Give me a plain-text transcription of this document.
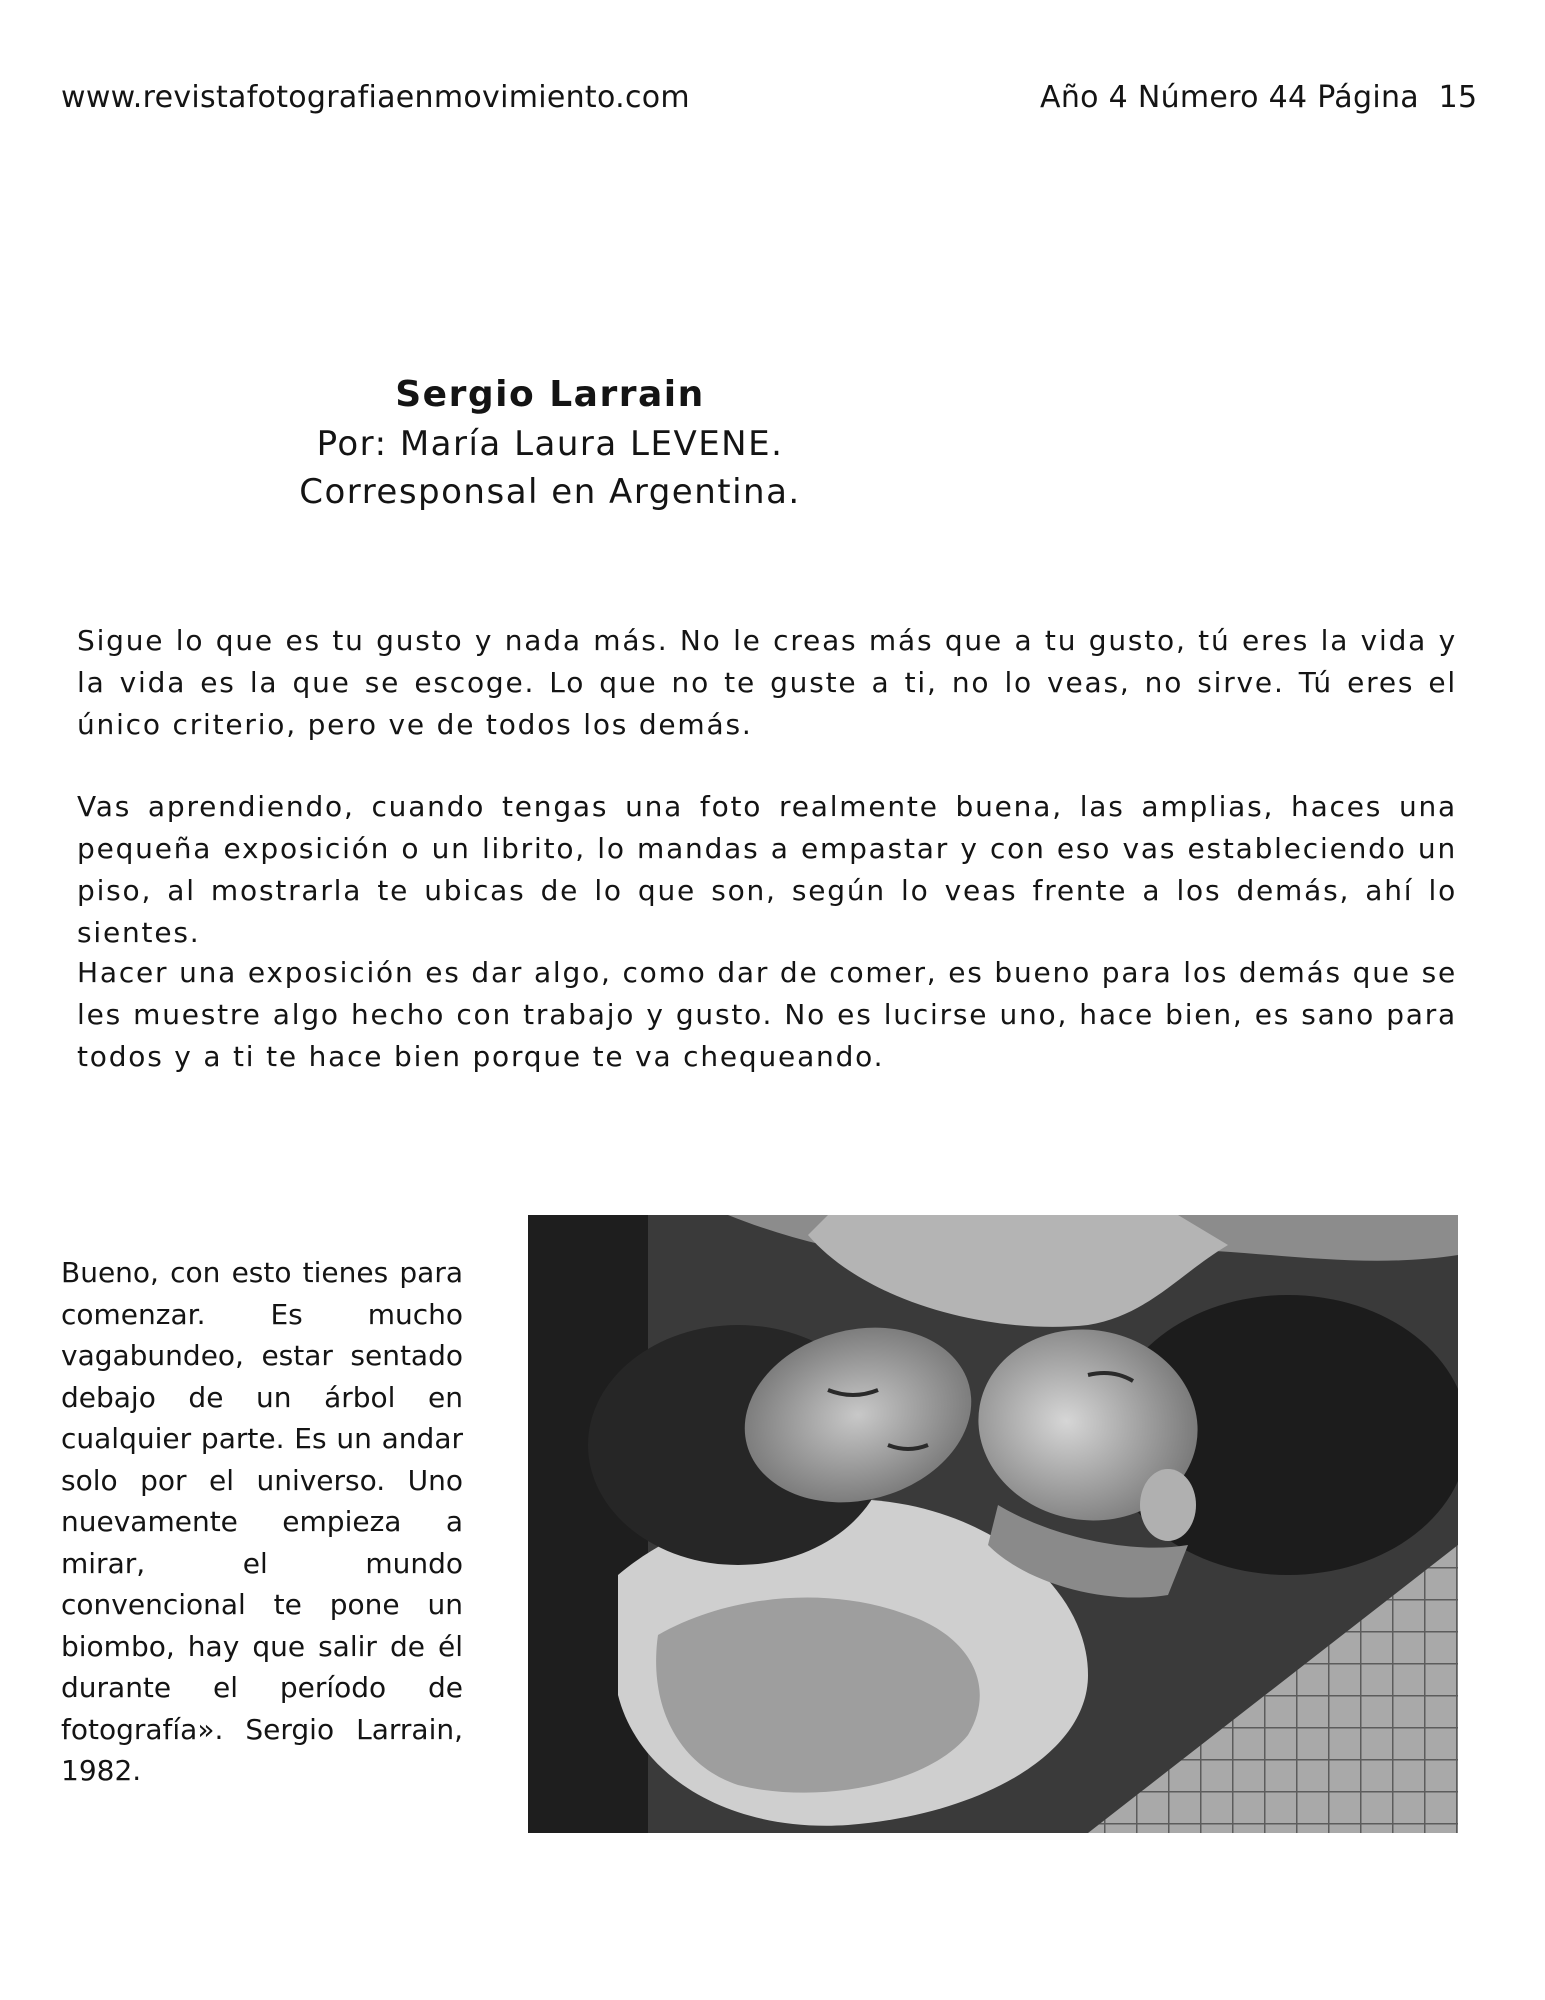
www.revistafotografiaenmovimiento.com	Año 4 Número 44 Página  15
Sergio Larrain
Por: María Laura LEVENE.
Corresponsal en Argentina.

Sigue lo que es tu gusto y nada más. No le creas más que a tu gusto, tú eres la vida y la vida es la que se escoge. Lo que no te guste a ti, no lo veas, no sirve. Tú eres el único criterio, pero ve de todos los demás.

Vas aprendiendo, cuando tengas una foto realmente buena, las amplias, haces una pequeña exposición o un librito, lo mandas a empastar y con eso vas estableciendo un piso, al mostrarla te ubicas de lo que son, según lo veas frente a los demás, ahí lo sientes.

Hacer una exposición es dar algo, como dar de comer, es bueno para los demás que se les muestre algo hecho con trabajo y gusto. No es lucirse uno, hace bien, es sano para todos y a ti te hace bien porque te va chequeando.

Bueno, con esto tienes para comenzar. Es mucho vagabundeo, estar sentado debajo de un árbol en cualquier parte. Es un andar solo por el universo. Uno nuevamente empieza a mirar, el mundo convencional te pone un biombo, hay que salir de él durante el período de fotografía». Sergio Larrain, 1982.
